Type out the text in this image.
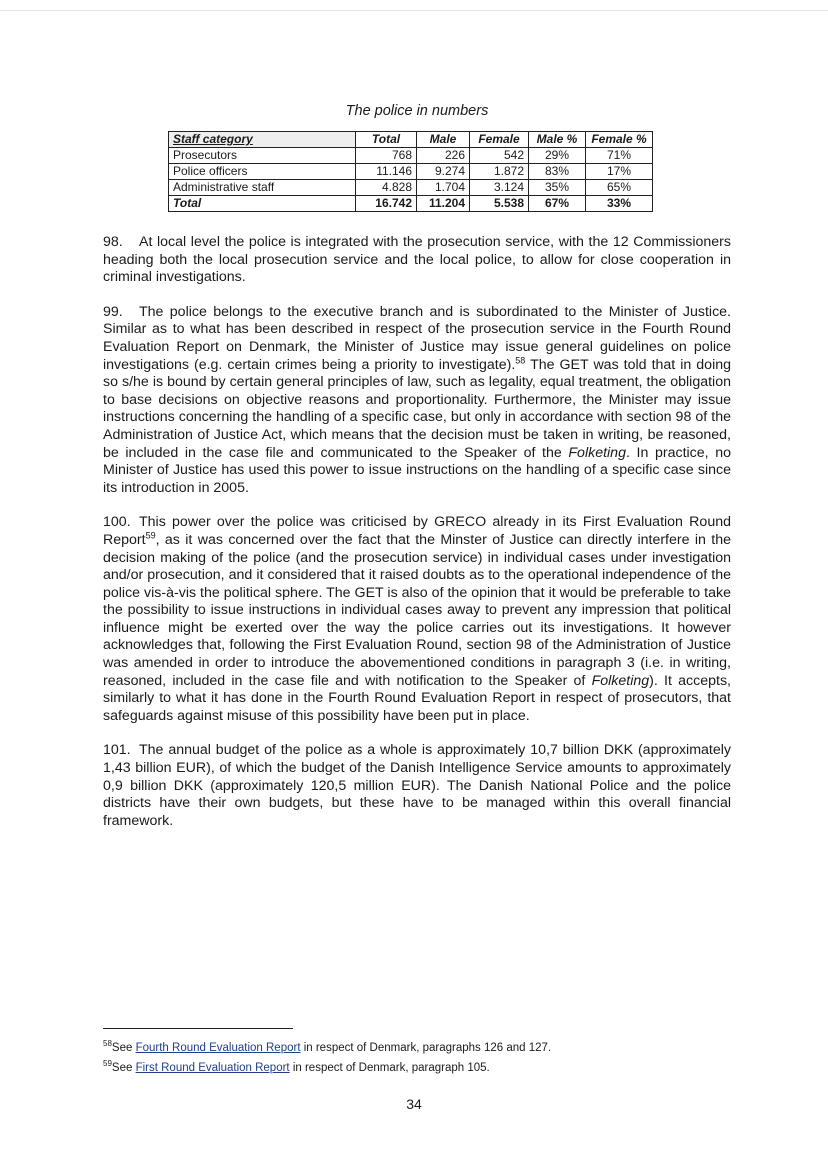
The police in numbers

Staff category	Total	Male	Female	Male %	Female %
Prosecutors	768	226	542	29%	71%
Police officers	11.146	9.274	1.872	83%	17%
Administrative staff	4.828	1.704	3.124	35%	65%
Total	16.742	11.204	5.538	67%	33%

98. At local level the police is integrated with the prosecution service, with the 12 Commissioners heading both the local prosecution service and the local police, to allow for close cooperation in criminal investigations.

99. The police belongs to the executive branch and is subordinated to the Minister of Justice. Similar as to what has been described in respect of the prosecution service in the Fourth Round Evaluation Report on Denmark, the Minister of Justice may issue general guidelines on police investigations (e.g. certain crimes being a priority to investigate).$^{58}$ The GET was told that in doing so s/he is bound by certain general principles of law, such as legality, equal treatment, the obligation to base decisions on objective reasons and proportionality. Furthermore, the Minister may issue instructions concerning the handling of a specific case, but only in accordance with section 98 of the Administration of Justice Act, which means that the decision must be taken in writing, be reasoned, be included in the case file and communicated to the Speaker of the Folketing. In practice, no Minister of Justice has used this power to issue instructions on the handling of a specific case since its introduction in 2005.

100. This power over the police was criticised by GRECO already in its First Evaluation Round Report$^{59}$, as it was concerned over the fact that the Minster of Justice can directly interfere in the decision making of the police (and the prosecution service) in individual cases under investigation and/or prosecution, and it considered that it raised doubts as to the operational independence of the police vis-à-vis the political sphere. The GET is also of the opinion that it would be preferable to take the possibility to issue instructions in individual cases away to prevent any impression that political influence might be exerted over the way the police carries out its investigations. It however acknowledges that, following the First Evaluation Round, section 98 of the Administration of Justice was amended in order to introduce the abovementioned conditions in paragraph 3 (i.e. in writing, reasoned, included in the case file and with notification to the Speaker of Folketing). It accepts, similarly to what it has done in the Fourth Round Evaluation Report in respect of prosecutors, that safeguards against misuse of this possibility have been put in place.

101. The annual budget of the police as a whole is approximately 10,7 billion DKK (approximately 1,43 billion EUR), of which the budget of the Danish Intelligence Service amounts to approximately 0,9 billion DKK (approximately 120,5 million EUR). The Danish National Police and the police districts have their own budgets, but these have to be managed within this overall financial framework.

$^{58}$See Fourth Round Evaluation Report in respect of Denmark, paragraphs 126 and 127.
$^{59}$See First Round Evaluation Report in respect of Denmark, paragraph 105.
34
